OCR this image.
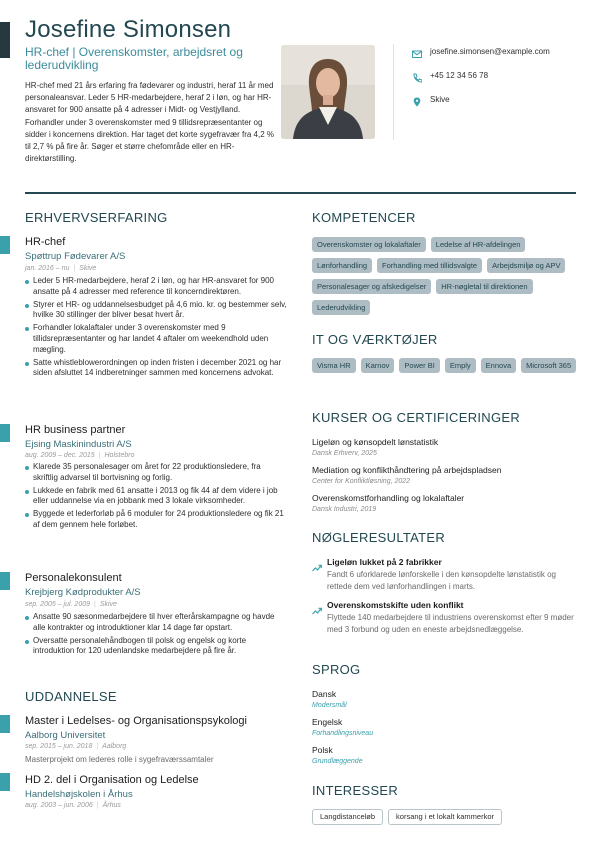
Josefine Simonsen
HR-chef | Overenskomster, arbejdsret og lederudvikling
HR-chef med 21 års erfaring fra fødevarer og industri, heraf 11 år med personaleansvar. Leder 5 HR-medarbejdere, heraf 2 i løn, og har HR-ansvaret for 900 ansatte på 4 adresser i Midt- og Vestjylland. Forhandler under 3 overenskomster med 9 tillidsrepræsentanter og sidder i koncernens direktion. Har taget det korte sygefravær fra 4,2 % til 2,7 % på fire år. Søger et større chefområde eller en HR-direktørstilling.
josefine.simonsen@example.com
+45 12 34 56 78
Skive
ERHVERVSERFARING
HR-chef
Spøttrup Fødevarer A/S
jan. 2016 – nu | Skive
Leder 5 HR-medarbejdere, heraf 2 i løn, og har HR-ansvaret for 900 ansatte på 4 adresser med reference til koncerndirektøren.
Styrer et HR- og uddannelsesbudget på 4,6 mio. kr. og bestemmer selv, hvilke 30 stillinger der bliver besat hvert år.
Forhandler lokalaftaler under 3 overenskomster med 9 tillidsrepræsentanter og har landet 4 aftaler om weekendhold uden mægling.
Satte whistleblowerordningen op inden fristen i december 2021 og har siden afsluttet 14 indberetninger sammen med koncernens advokat.
HR business partner
Ejsing Maskinindustri A/S
aug. 2009 – dec. 2015 | Holstebro
Klarede 35 personalesager om året for 22 produktionsledere, fra skriftlig advarsel til bortvisning og forlig.
Lukkede en fabrik med 61 ansatte i 2013 og fik 44 af dem videre i job eller uddannelse via en jobbank med 3 lokale virksomheder.
Byggede et lederforløb på 6 moduler for 24 produktionsledere og fik 21 af dem gennem hele forløbet.
Personalekonsulent
Krejbjerg Kødprodukter A/S
sep. 2005 – jul. 2009 | Skive
Ansatte 90 sæsonmedarbejdere til hver efterårskampagne og havde alle kontrakter og introduktioner klar 14 dage før opstart.
Oversatte personalehåndbogen til polsk og engelsk og korte introduktion for 120 udenlandske medarbejdere på fire år.
UDDANNELSE
Master i Ledelses- og Organisationspsykologi
Aalborg Universitet
sep. 2015 – jun. 2018 | Aalborg
Masterprojekt om lederes rolle i sygefraværssamtaler
HD 2. del i Organisation og Ledelse
Handelshøjskolen i Århus
aug. 2003 – jun. 2006 | Århus
KOMPETENCER
Overenskomster og lokalaftaler	Ledelse af HR-afdelingen
Lønforhandling	Forhandling med tillidsvalgte	Arbejdsmiljø og APV
Personalesager og afskedigelser	HR-nøgletal til direktionen
Lederudvikling
IT OG VÆRKTØJER
Visma HR	Karnov	Power BI	Emply	Ennova	Microsoft 365
KURSER OG CERTIFICERINGER
Ligeløn og kønsopdelt lønstatistik
Dansk Erhverv, 2025
Mediation og konflikthåndtering på arbejdspladsen
Center for Konfliktløsning, 2022
Overenskomstforhandling og lokalaftaler
Dansk Industri, 2019
NØGLERESULTATER
Ligeløn lukket på 2 fabrikker
Fandt 6 uforklarede lønforskelle i den kønsopdelte lønstatistik og rettede dem ved lønforhandlingen i marts.
Overenskomstskifte uden konflikt
Flyttede 140 medarbejdere til industriens overenskomst efter 9 møder med 3 forbund og uden en eneste arbejdsnedlæggelse.
SPROG
Dansk
Modersmål
Engelsk
Forhandlingsniveau
Polsk
Grundlæggende
INTERESSER
Langdistanceløb	korsang i et lokalt kammerkor
